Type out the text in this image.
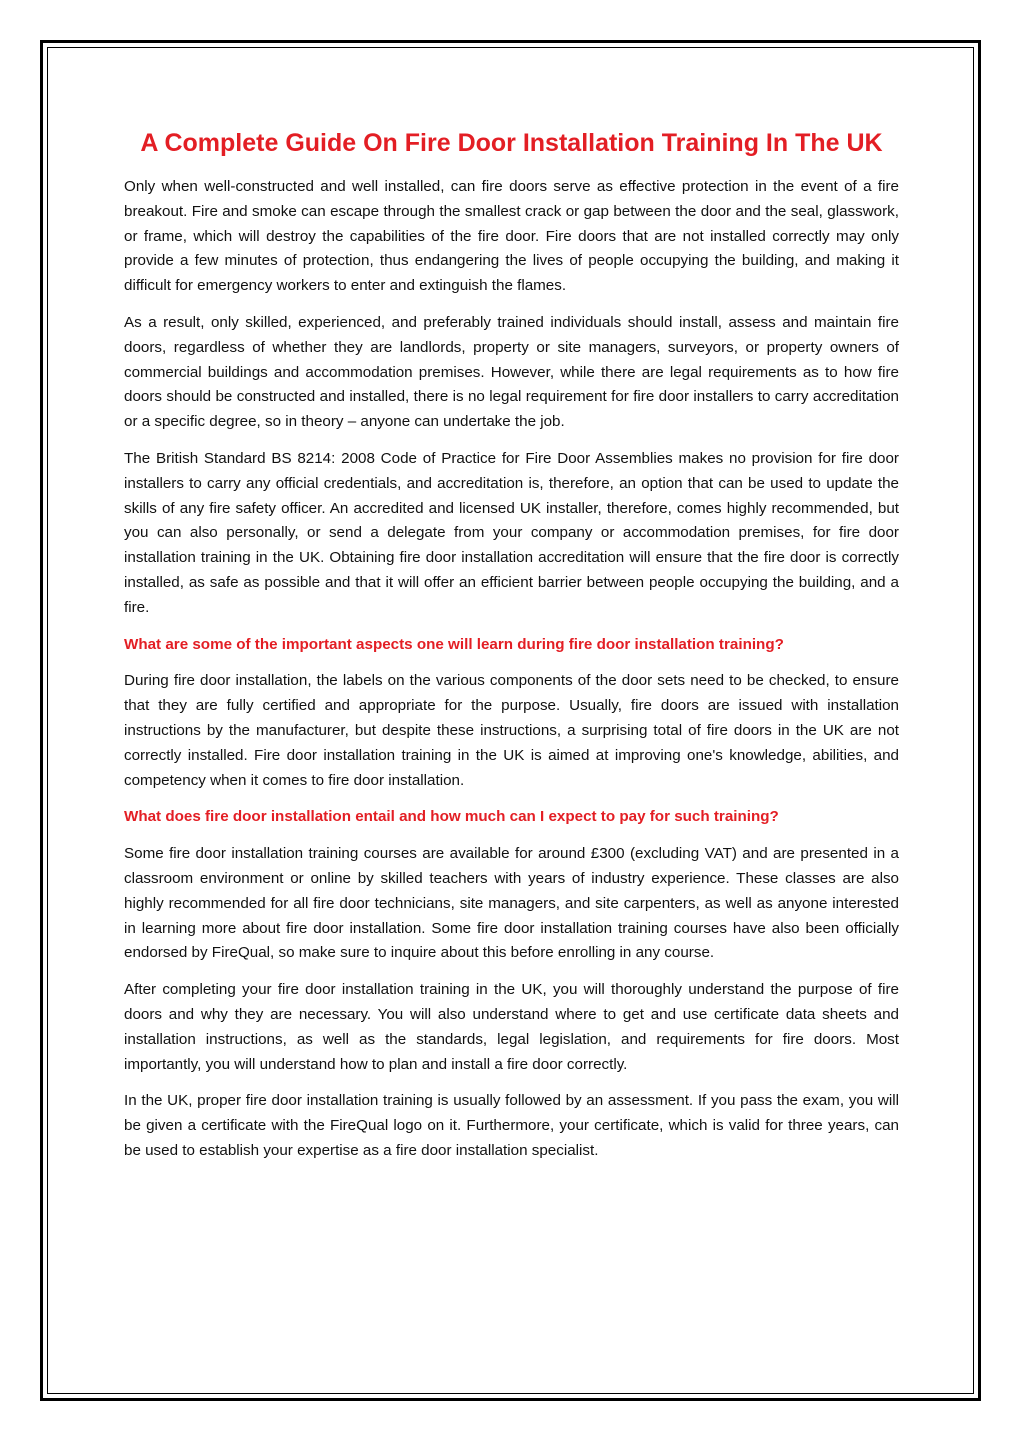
A Complete Guide On Fire Door Installation Training In The UK

Only when well-constructed and well installed, can fire doors serve as effective protection in the event of a fire breakout. Fire and smoke can escape through the smallest crack or gap between the door and the seal, glasswork, or frame, which will destroy the capabilities of the fire door. Fire doors that are not installed correctly may only provide a few minutes of protection, thus endangering the lives of people occupying the building, and making it difficult for emergency workers to enter and extinguish the flames.

As a result, only skilled, experienced, and preferably trained individuals should install, assess and maintain fire doors, regardless of whether they are landlords, property or site managers, surveyors, or property owners of commercial buildings and accommodation premises. However, while there are legal requirements as to how fire doors should be constructed and installed, there is no legal requirement for fire door installers to carry accreditation or a specific degree, so in theory – anyone can undertake the job.

The British Standard BS 8214: 2008 Code of Practice for Fire Door Assemblies makes no provision for fire door installers to carry any official credentials, and accreditation is, therefore, an option that can be used to update the skills of any fire safety officer. An accredited and licensed UK installer, therefore, comes highly recommended, but you can also personally, or send a delegate from your company or accommodation premises, for fire door installation training in the UK. Obtaining fire door installation accreditation will ensure that the fire door is correctly installed, as safe as possible and that it will offer an efficient barrier between people occupying the building, and a fire.

What are some of the important aspects one will learn during fire door installation training?

During fire door installation, the labels on the various components of the door sets need to be checked, to ensure that they are fully certified and appropriate for the purpose. Usually, fire doors are issued with installation instructions by the manufacturer, but despite these instructions, a surprising total of fire doors in the UK are not correctly installed. Fire door installation training in the UK is aimed at improving one's knowledge, abilities, and competency when it comes to fire door installation.

What does fire door installation entail and how much can I expect to pay for such training?

Some fire door installation training courses are available for around £300 (excluding VAT) and are presented in a classroom environment or online by skilled teachers with years of industry experience. These classes are also highly recommended for all fire door technicians, site managers, and site carpenters, as well as anyone interested in learning more about fire door installation. Some fire door installation training courses have also been officially endorsed by FireQual, so make sure to inquire about this before enrolling in any course.

After completing your fire door installation training in the UK, you will thoroughly understand the purpose of fire doors and why they are necessary. You will also understand where to get and use certificate data sheets and installation instructions, as well as the standards, legal legislation, and requirements for fire doors. Most importantly, you will understand how to plan and install a fire door correctly.

In the UK, proper fire door installation training is usually followed by an assessment. If you pass the exam, you will be given a certificate with the FireQual logo on it. Furthermore, your certificate, which is valid for three years, can be used to establish your expertise as a fire door installation specialist.
